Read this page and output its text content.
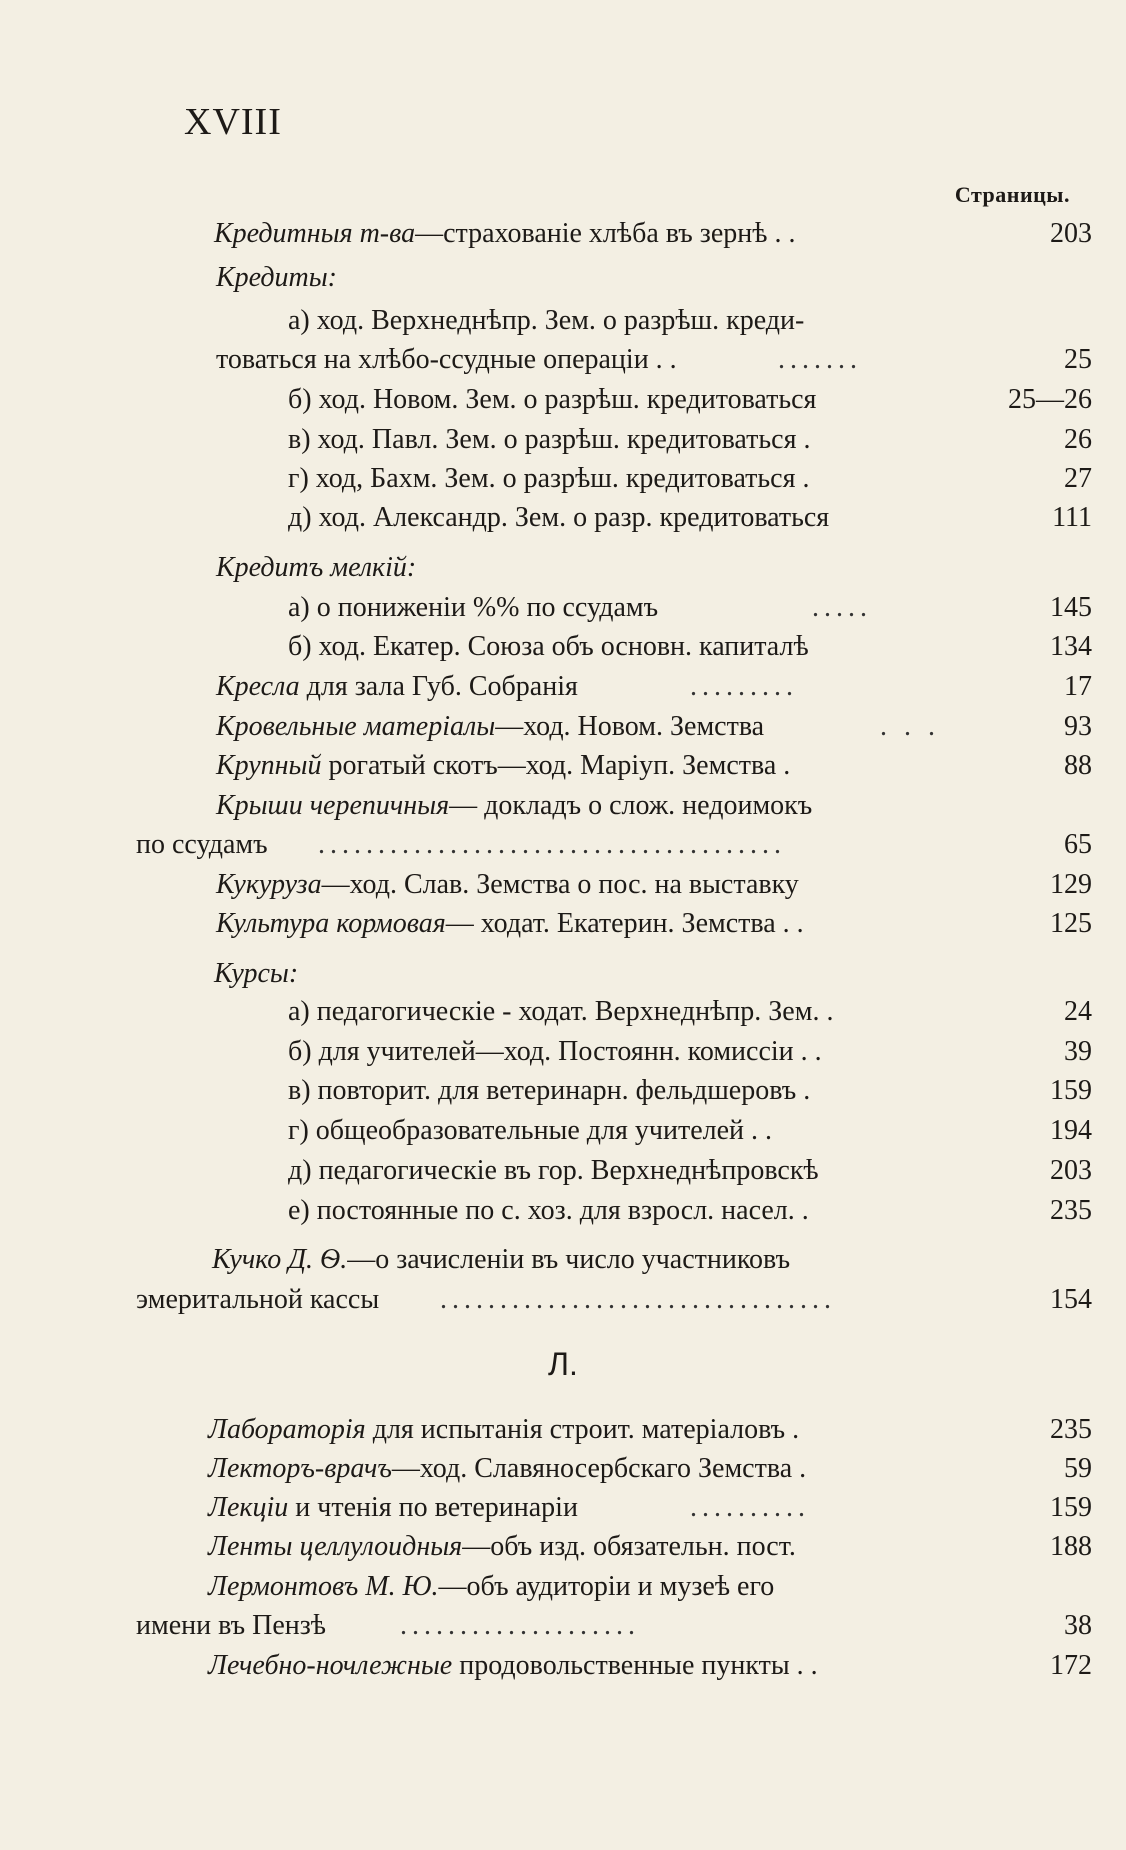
XVIII
Страницы.
Кредитныя т-ва—страхованіе хлѣба въ зернѣ . .	203
Кредиты:
а) ход. Верхнеднѣпр. Зем. о разрѣш. креди-
товаться на хлѣбо-ссудные операціи . .	.......	25
б) ход. Новом. Зем. о разрѣш. кредитоваться	25—26
в) ход. Павл. Зем. о разрѣш. кредитоваться .	26
г) ход, Бахм. Зем. о разрѣш. кредитоваться .	27
д) ход. Александр. Зем. о разр. кредитоваться	111
Кредитъ мелкій:
а) о пониженіи %% по ссудамъ	.....	145
б) ход. Екатер. Союза объ основн. капиталѣ	134
Кресла для зала Губ. Собранія	.........	17
Кровельные матеріалы—ход. Новом. Земства	. . .	93
Крупный рогатый скотъ—ход. Маріуп. Земства .	88
Крыши черепичныя— докладъ о слож. недоимокъ
по ссудамъ .......................................	65
Кукуруза—ход. Слав. Земства о пос. на выставку	129
Культура кормовая— ходат. Екатерин. Земства . .	125
Курсы:
а) педагогическіе - ходат. Верхнеднѣпр. Зем. .	24
б) для учителей—ход. Постоянн. комиссіи . .	39
в) повторит. для ветеринарн. фельдшеровъ .	159
г) общеобразовательные для учителей . .	194
д) педагогическіе въ гор. Верхнеднѣпровскѣ	203
е) постоянные по с. хоз. для взросл. насел. .	235
Кучко Д. Ѳ.—о зачисленіи въ число участниковъ
эмеритальной кассы .................................	154
Л.
Лабораторія для испытанія строит. матеріаловъ .	235
Лекторъ-врачъ—ход. Славяносербскаго Земства .	59
Лекціи и чтенія по ветеринаріи	..........	159
Ленты целлулоидныя—объ изд. обязательн. пост.	188
Лермонтовъ М. Ю.—объ аудиторіи и музеѣ его
имени въ Пензѣ	....................	38
Лечебно-ночлежные продовольственные пункты . .	172
